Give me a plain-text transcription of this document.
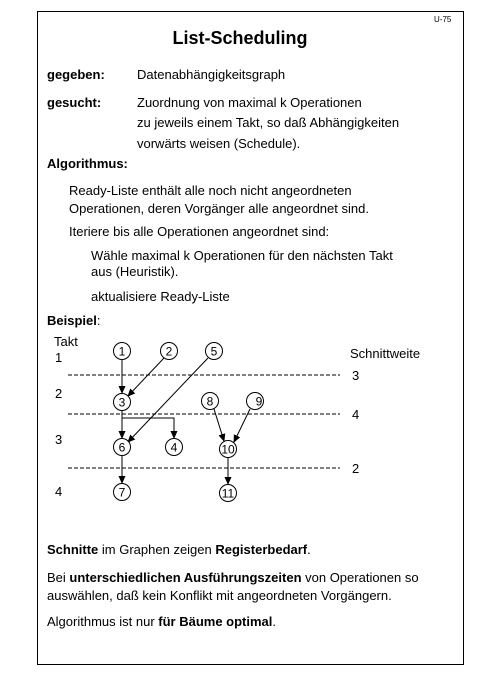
U-75
List-Scheduling
gegeben: Datenabhängigkeitsgraph
gesucht:	Zuordnung von maximal k Operationen
zu jeweils einem Takt, so daß Abhängigkeiten
vorwärts weisen (Schedule).
Algorithmus:
Ready-Liste enthält alle noch nicht angeordneten
Operationen, deren Vorgänger alle angeordnet sind.
Iteriere bis alle Operationen angeordnet sind:
Wähle maximal k Operationen für den nächsten Takt
aus (Heuristik).
aktualisiere Ready-Liste
Beispiel:
Takt
1
2
3
4
Schnittweite
3
4
2
1	2	5
3	8	9
6	4	10
7	11
Schnitte im Graphen zeigen Registerbedarf.
Bei unterschiedlichen Ausführungszeiten von Operationen so
auswählen, daß kein Konflikt mit angeordneten Vorgängern.
Algorithmus ist nur für Bäume optimal.
